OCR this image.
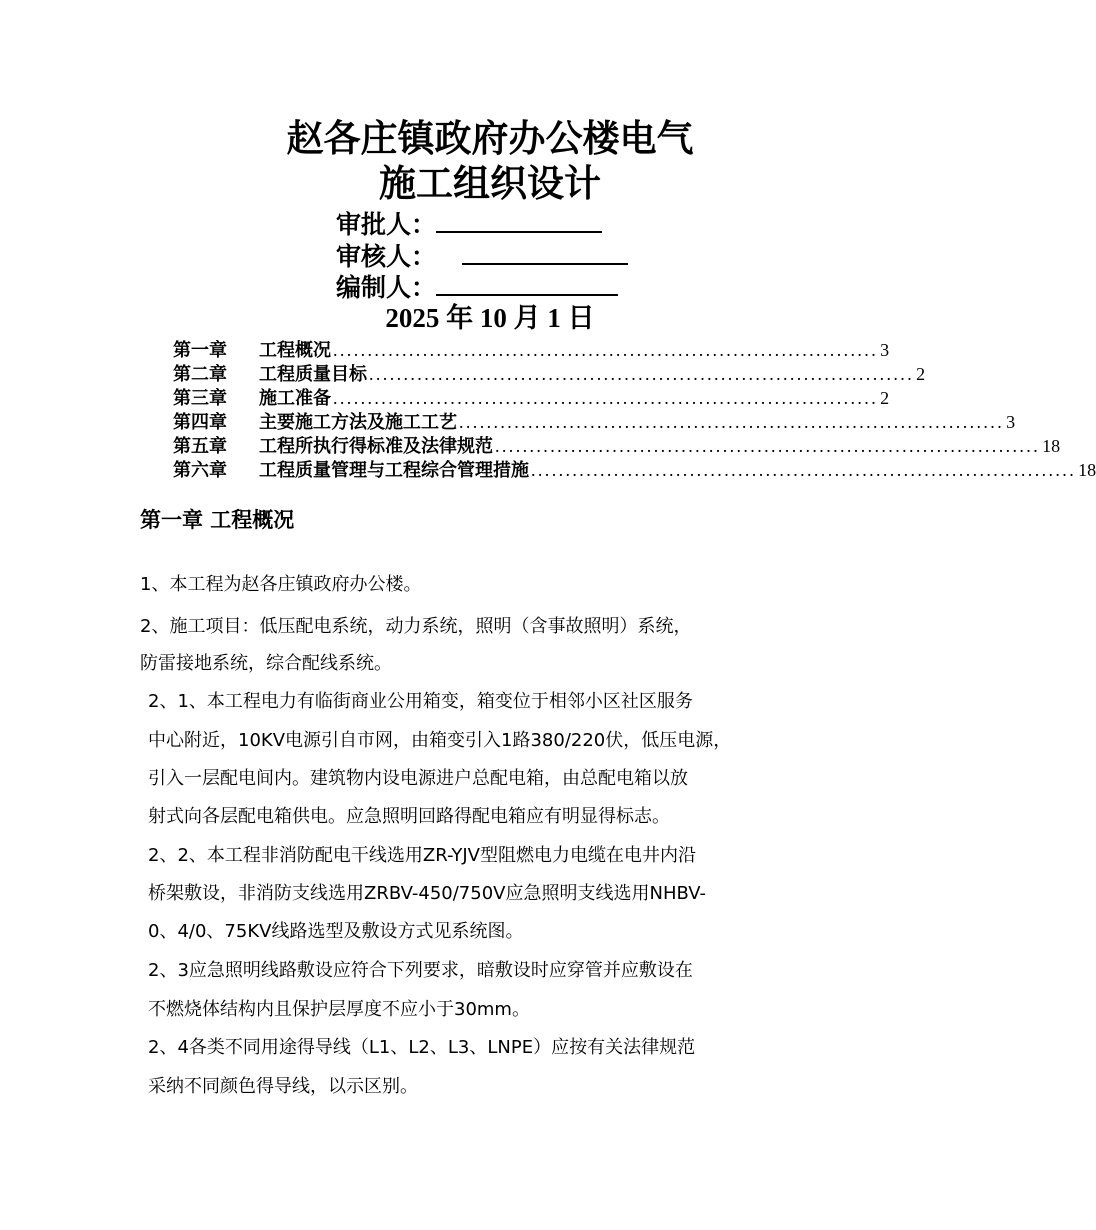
赵各庄镇政府办公楼电气
施工组织设计
审批人：
审核人：
编制人：
2025 年 10 月 1 日
第一章	工程概况 ............................................................................... 3
第二章	工程质量目标 ............................................................................... 2
第三章	施工准备 ............................................................................... 2
第四章	主要施工方法及施工工艺 ............................................................................... 3
第五章	工程所执行得标准及法律规范 ............................................................................... 18
第六章	工程质量管理与工程综合管理措施 ............................................................................... 18
第一章 工程概况
1、本工程为赵各庄镇政府办公楼。
2、施工项目：低压配电系统，动力系统，照明（含事故照明）系统，
防雷接地系统，综合配线系统。
2、1、本工程电力有临街商业公用箱变，箱变位于相邻小区社区服务
中心附近，10KV电源引自市网，由箱变引入1路380/220伏，低压电源，
引入一层配电间内。建筑物内设电源进户总配电箱，由总配电箱以放
射式向各层配电箱供电。应急照明回路得配电箱应有明显得标志。
2、2、本工程非消防配电干线选用ZR-YJV型阻燃电力电缆在电井内沿
桥架敷设，非消防支线选用ZRBV-450/750V应急照明支线选用NHBV-
0、4/0、75KV线路选型及敷设方式见系统图。
2、3应急照明线路敷设应符合下列要求，暗敷设时应穿管并应敷设在
不燃烧体结构内且保护层厚度不应小于30mm。
2、4各类不同用途得导线（L1、L2、L3、LNPE）应按有关法律规范
采纳不同颜色得导线，以示区别。
